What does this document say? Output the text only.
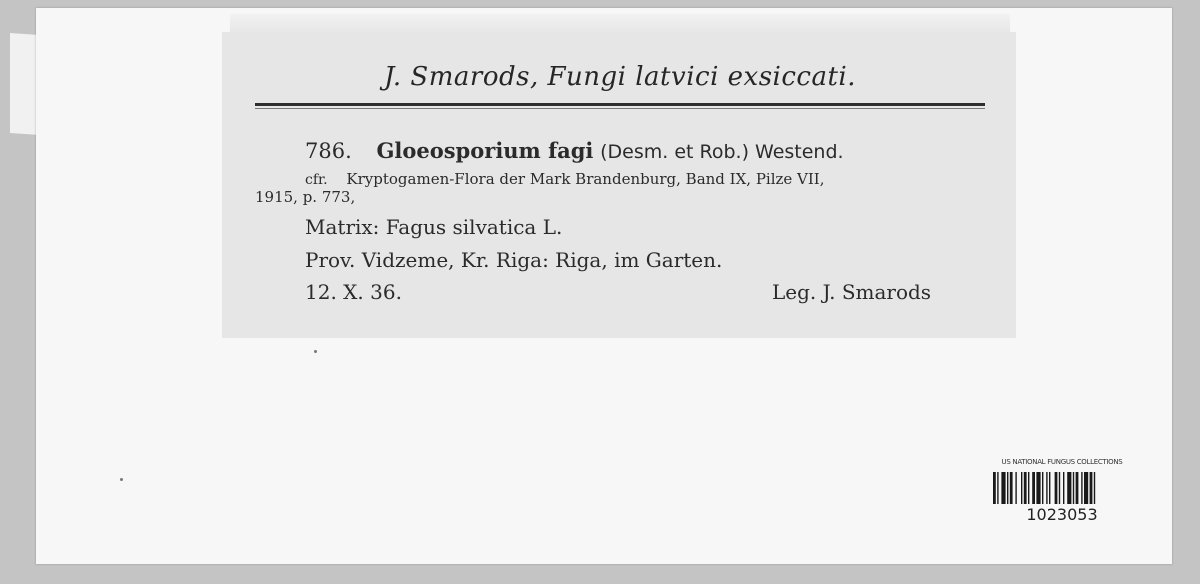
J. Smarods, Fungi latvici exsiccati.
786. Gloeosporium fagi (Desm. et Rob.) Westend.
cfr. Kryptogamen-Flora der Mark Brandenburg, Band IX, Pilze VII,
1915, p. 773,
Matrix: Fagus silvatica L.
Prov. Vidzeme, Kr. Riga: Riga, im Garten.
12. X. 36.	Leg. J. Smarods
US NATIONAL FUNGUS COLLECTIONS
1023053
